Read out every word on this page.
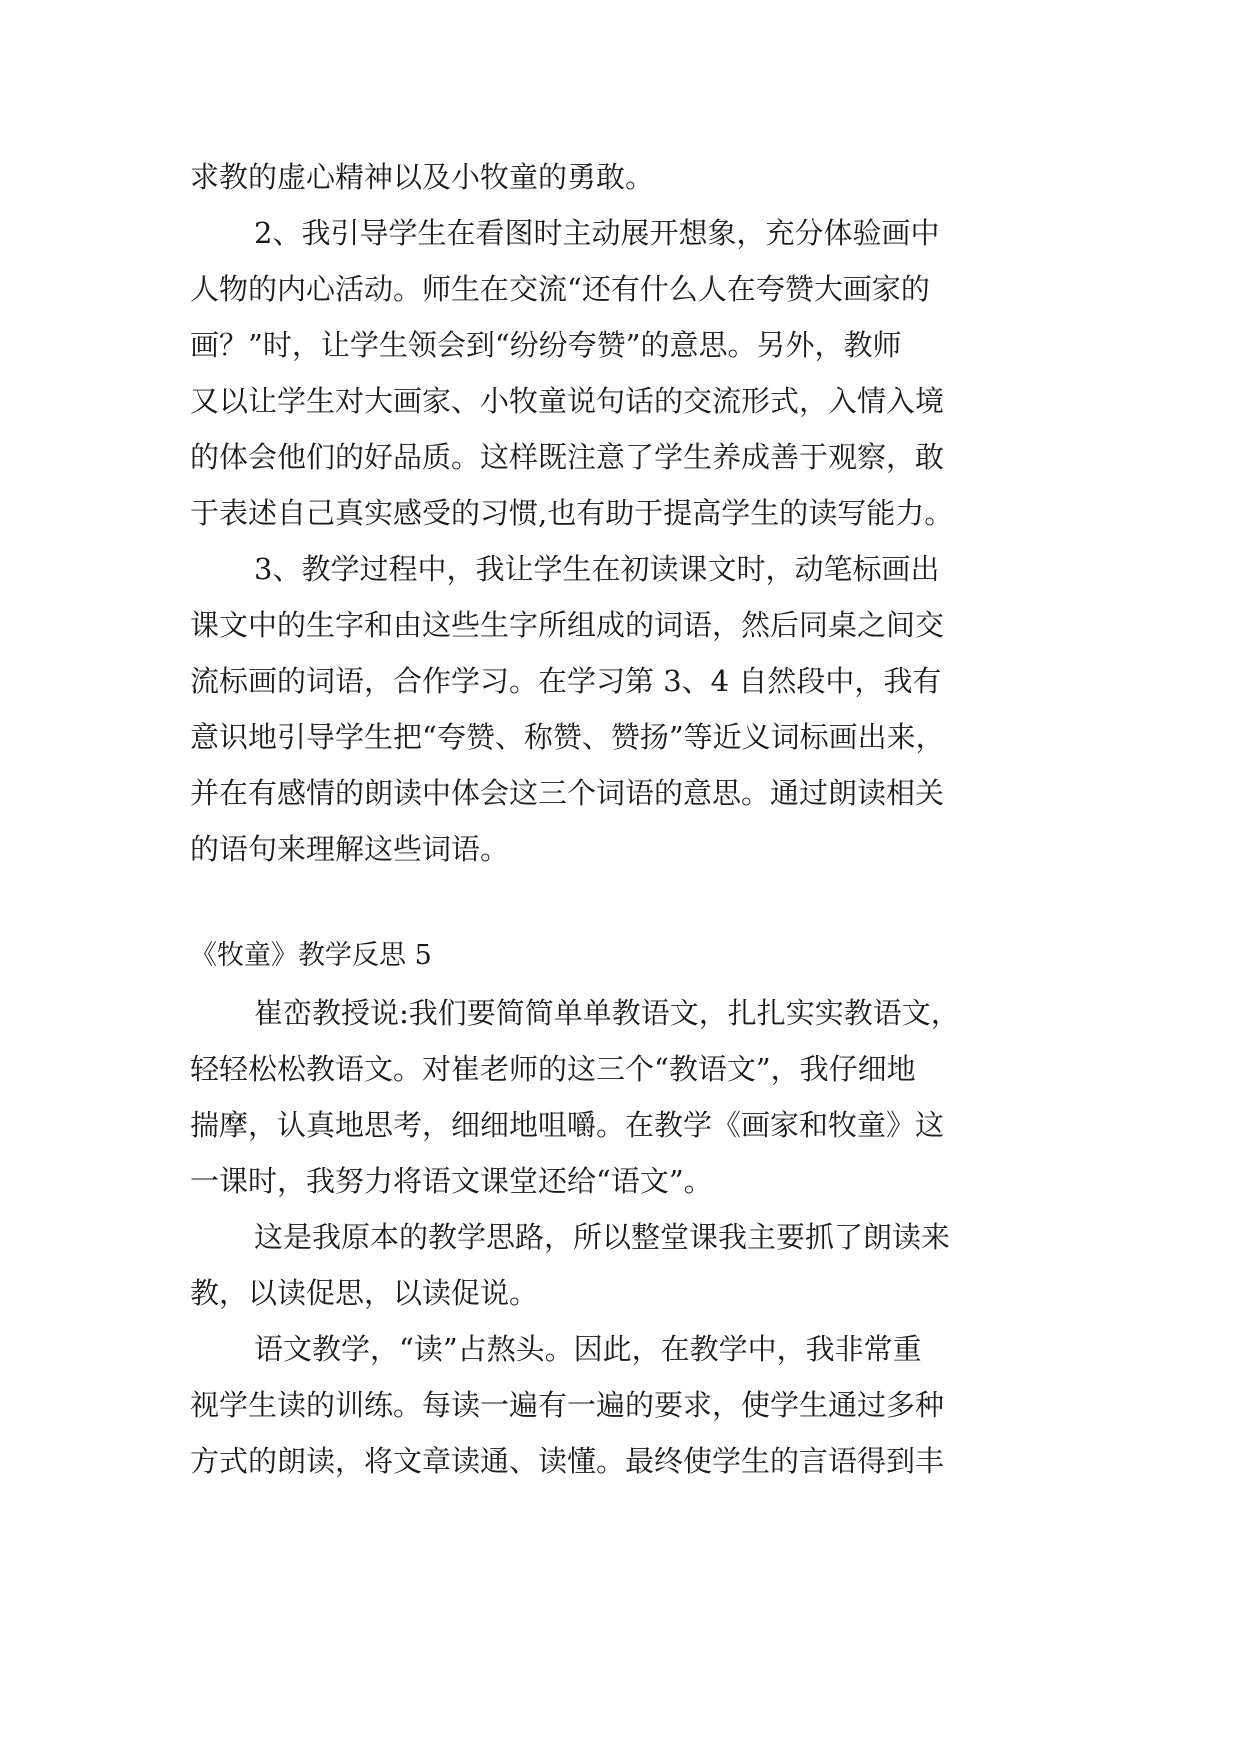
求教的虚心精神以及小牧童的勇敢。
2、我引导学生在看图时主动展开想象，充分体验画中
人物的内心活动。师生在交流“还有什么人在夸赞大画家的
画？”时，让学生领会到“纷纷夸赞”的意思。另外，教师
又以让学生对大画家、小牧童说句话的交流形式，入情入境
的体会他们的好品质。这样既注意了学生养成善于观察，敢
于表述自己真实感受的习惯,也有助于提高学生的读写能力。
3、教学过程中，我让学生在初读课文时，动笔标画出
课文中的生字和由这些生字所组成的词语，然后同桌之间交
流标画的词语，合作学习。在学习第 3、4 自然段中，我有
意识地引导学生把“夸赞、称赞、赞扬”等近义词标画出来，
并在有感情的朗读中体会这三个词语的意思。通过朗读相关
的语句来理解这些词语。
《牧童》教学反思 5
崔峦教授说:我们要简简单单教语文，扎扎实实教语文，
轻轻松松教语文。对崔老师的这三个“教语文”，我仔细地
揣摩，认真地思考，细细地咀嚼。在教学《画家和牧童》这
一课时，我努力将语文课堂还给“语文”。
这是我原本的教学思路，所以整堂课我主要抓了朗读来
教，以读促思，以读促说。
语文教学，“读”占熬头。因此，在教学中，我非常重
视学生读的训练。每读一遍有一遍的要求，使学生通过多种
方式的朗读，将文章读通、读懂。最终使学生的言语得到丰
